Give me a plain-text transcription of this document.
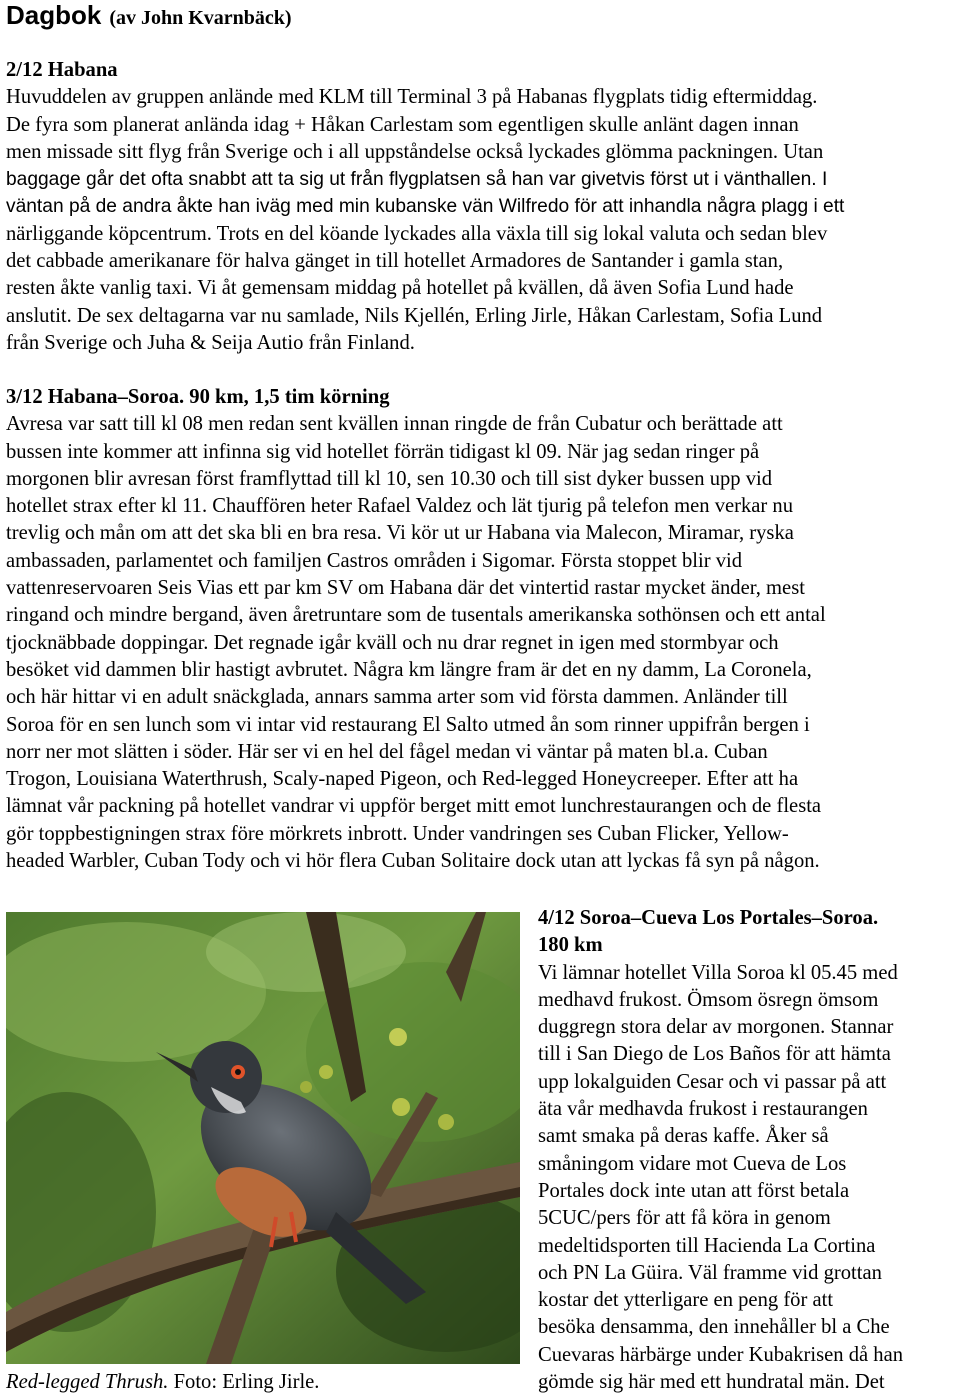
Dagbok (av John Kvarnbäck)
2/12 Habana
Huvuddelen av gruppen anlände med KLM till Terminal 3 på Habanas flygplats tidig eftermiddag.
De fyra som planerat anlända idag + Håkan Carlestam som egentligen skulle anlänt dagen innan
men missade sitt flyg från Sverige och i all uppståndelse också lyckades glömma packningen. Utan
baggage går det ofta snabbt att ta sig ut från flygplatsen så han var givetvis först ut i vänthallen. I
väntan på de andra åkte han iväg med min kubanske vän Wilfredo för att inhandla några plagg i ett
närliggande köpcentrum. Trots en del köande lyckades alla växla till sig lokal valuta och sedan blev
det cabbade amerikanare för halva gänget in till hotellet Armadores de Santander i gamla stan,
resten åkte vanlig taxi. Vi åt gemensam middag på hotellet på kvällen, då även Sofia Lund hade
anslutit. De sex deltagarna var nu samlade, Nils Kjellén, Erling Jirle, Håkan Carlestam, Sofia Lund
från Sverige och Juha & Seija Autio från Finland.
3/12 Habana–Soroa. 90 km, 1,5 tim körning
Avresa var satt till kl 08 men redan sent kvällen innan ringde de från Cubatur och berättade att
bussen inte kommer att infinna sig vid hotellet förrän tidigast kl 09. När jag sedan ringer på
morgonen blir avresan först framflyttad till kl 10, sen 10.30 och till sist dyker bussen upp vid
hotellet strax efter kl 11. Chauffören heter Rafael Valdez och lät tjurig på telefon men verkar nu
trevlig och mån om att det ska bli en bra resa. Vi kör ut ur Habana via Malecon, Miramar, ryska
ambassaden, parlamentet och familjen Castros områden i Sigomar. Första stoppet blir vid
vattenreservoaren Seis Vias ett par km SV om Habana där det vintertid rastar mycket änder, mest
ringand och mindre bergand, även åretruntare som de tusentals amerikanska sothönsen och ett antal
tjocknäbbade doppingar. Det regnade igår kväll och nu drar regnet in igen med stormbyar och
besöket vid dammen blir hastigt avbrutet. Några km längre fram är det en ny damm, La Coronela,
och här hittar vi en adult snäckglada, annars samma arter som vid första dammen. Anländer till
Soroa för en sen lunch som vi intar vid restaurang El Salto utmed ån som rinner uppifrån bergen i
norr ner mot slätten i söder. Här ser vi en hel del fågel medan vi väntar på maten bl.a. Cuban
Trogon, Louisiana Waterthrush, Scaly-naped Pigeon, och Red-legged Honeycreeper. Efter att ha
lämnat vår packning på hotellet vandrar vi uppför berget mitt emot lunchrestaurangen och de flesta
gör toppbestigningen strax före mörkrets inbrott. Under vandringen ses Cuban Flicker, Yellow-
headed Warbler, Cuban Tody och vi hör flera Cuban Solitaire dock utan att lyckas få syn på någon.
Red-legged Thrush. Foto: Erling Jirle.
4/12 Soroa–Cueva Los Portales–Soroa.
180 km
Vi lämnar hotellet Villa Soroa kl 05.45 med
medhavd frukost. Ömsom ösregn ömsom
duggregn stora delar av morgonen. Stannar
till i San Diego de Los Baños för att hämta
upp lokalguiden Cesar och vi passar på att
äta vår medhavda frukost i restaurangen
samt smaka på deras kaffe. Åker så
småningom vidare mot Cueva de Los
Portales dock inte utan att först betala
5CUC/pers för att få köra in genom
medeltidsporten till Hacienda La Cortina
och PN La Güira. Väl framme vid grottan
kostar det ytterligare en peng för att
besöka densamma, den innehåller bl a Che
Cuevaras härbärge under Kubakrisen då han
gömde sig här med ett hundratal män. Det
